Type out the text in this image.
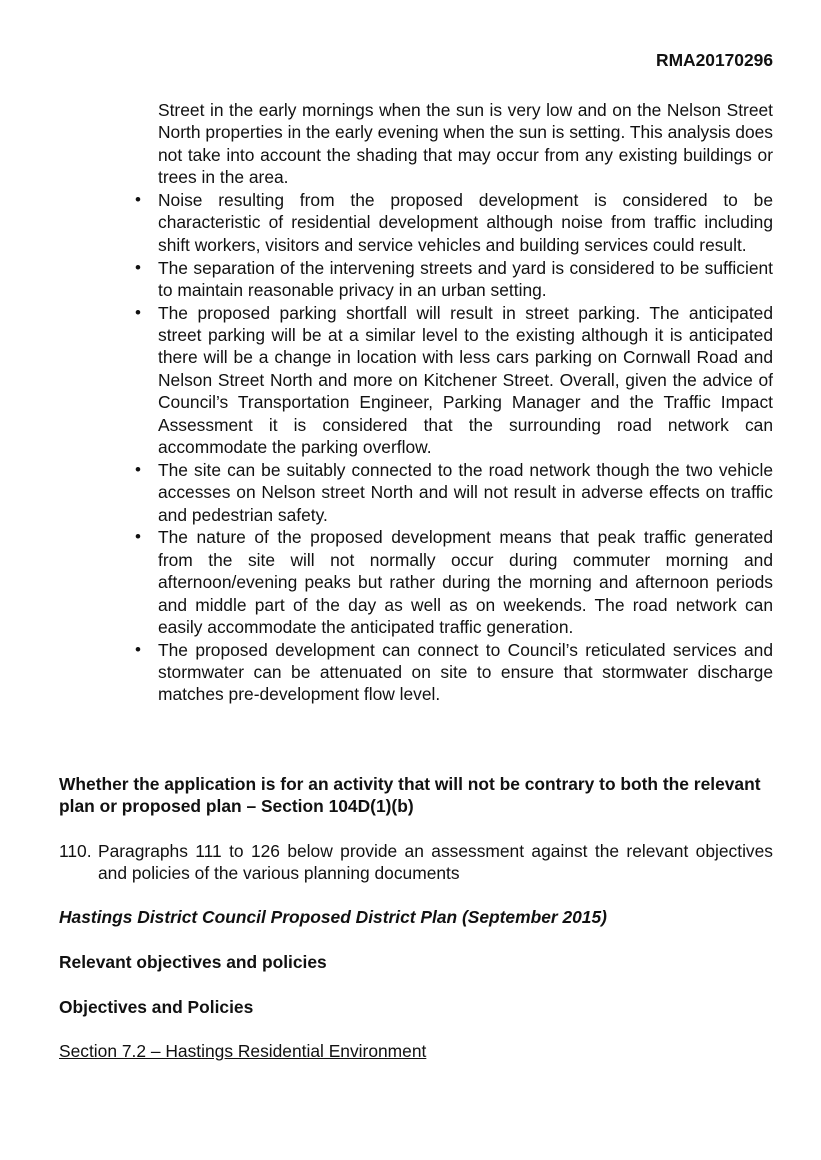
RMA20170296

Street in the early mornings when the sun is very low and on the Nelson Street North properties in the early evening when the sun is setting. This analysis does not take into account the shading that may occur from any existing buildings or trees in the area.

• Noise resulting from the proposed development is considered to be characteristic of residential development although noise from traffic including shift workers, visitors and service vehicles and building services could result.
• The separation of the intervening streets and yard is considered to be sufficient to maintain reasonable privacy in an urban setting.
• The proposed parking shortfall will result in street parking. The anticipated street parking will be at a similar level to the existing although it is anticipated there will be a change in location with less cars parking on Cornwall Road and Nelson Street North and more on Kitchener Street. Overall, given the advice of Council’s Transportation Engineer, Parking Manager and the Traffic Impact Assessment it is considered that the surrounding road network can accommodate the parking overflow.
• The site can be suitably connected to the road network though the two vehicle accesses on Nelson street North and will not result in adverse effects on traffic and pedestrian safety.
• The nature of the proposed development means that peak traffic generated from the site will not normally occur during commuter morning and afternoon/evening peaks but rather during the morning and afternoon periods and middle part of the day as well as on weekends. The road network can easily accommodate the anticipated traffic generation.
• The proposed development can connect to Council’s reticulated services and stormwater can be attenuated on site to ensure that stormwater discharge matches pre-development flow level.

Whether the application is for an activity that will not be contrary to both the relevant plan or proposed plan – Section 104D(1)(b)

110. Paragraphs 111 to 126 below provide an assessment against the relevant objectives and policies of the various planning documents

Hastings District Council Proposed District Plan (September 2015)

Relevant objectives and policies

Objectives and Policies

Section 7.2 – Hastings Residential Environment
